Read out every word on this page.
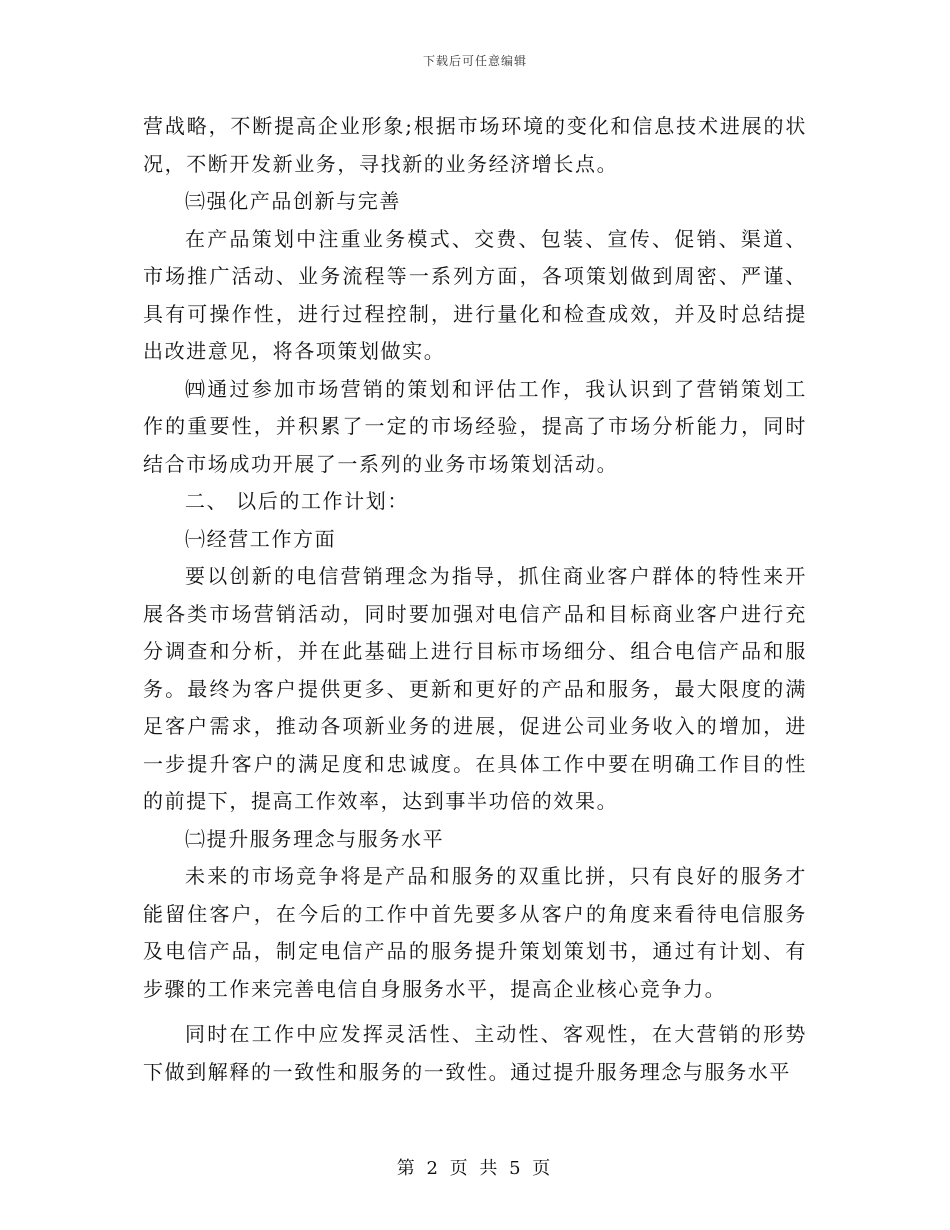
下载后可任意编辑

营战略，不断提高企业形象;根据市场环境的变化和信息技术进展的状况，不断开发新业务，寻找新的业务经济增长点。

㈢强化产品创新与完善

在产品策划中注重业务模式、交费、包装、宣传、促销、渠道、市场推广活动、业务流程等一系列方面，各项策划做到周密、严谨、具有可操作性，进行过程控制，进行量化和检查成效，并及时总结提出改进意见，将各项策划做实。

㈣通过参加市场营销的策划和评估工作，我认识到了营销策划工作的重要性，并积累了一定的市场经验，提高了市场分析能力，同时结合市场成功开展了一系列的业务市场策划活动。

二、 以后的工作计划：

㈠经营工作方面

要以创新的电信营销理念为指导，抓住商业客户群体的特性来开展各类市场营销活动，同时要加强对电信产品和目标商业客户进行充分调查和分析，并在此基础上进行目标市场细分、组合电信产品和服务。最终为客户提供更多、更新和更好的产品和服务，最大限度的满足客户需求，推动各项新业务的进展，促进公司业务收入的增加，进一步提升客户的满足度和忠诚度。在具体工作中要在明确工作目的性的前提下，提高工作效率，达到事半功倍的效果。

㈡提升服务理念与服务水平

未来的市场竞争将是产品和服务的双重比拼，只有良好的服务才能留住客户，在今后的工作中首先要多从客户的角度来看待电信服务及电信产品，制定电信产品的服务提升策划策划书，通过有计划、有步骤的工作来完善电信自身服务水平，提高企业核心竞争力。

同时在工作中应发挥灵活性、主动性、客观性，在大营销的形势下做到解释的一致性和服务的一致性。通过提升服务理念与服务水平

第 2 页 共 5 页
